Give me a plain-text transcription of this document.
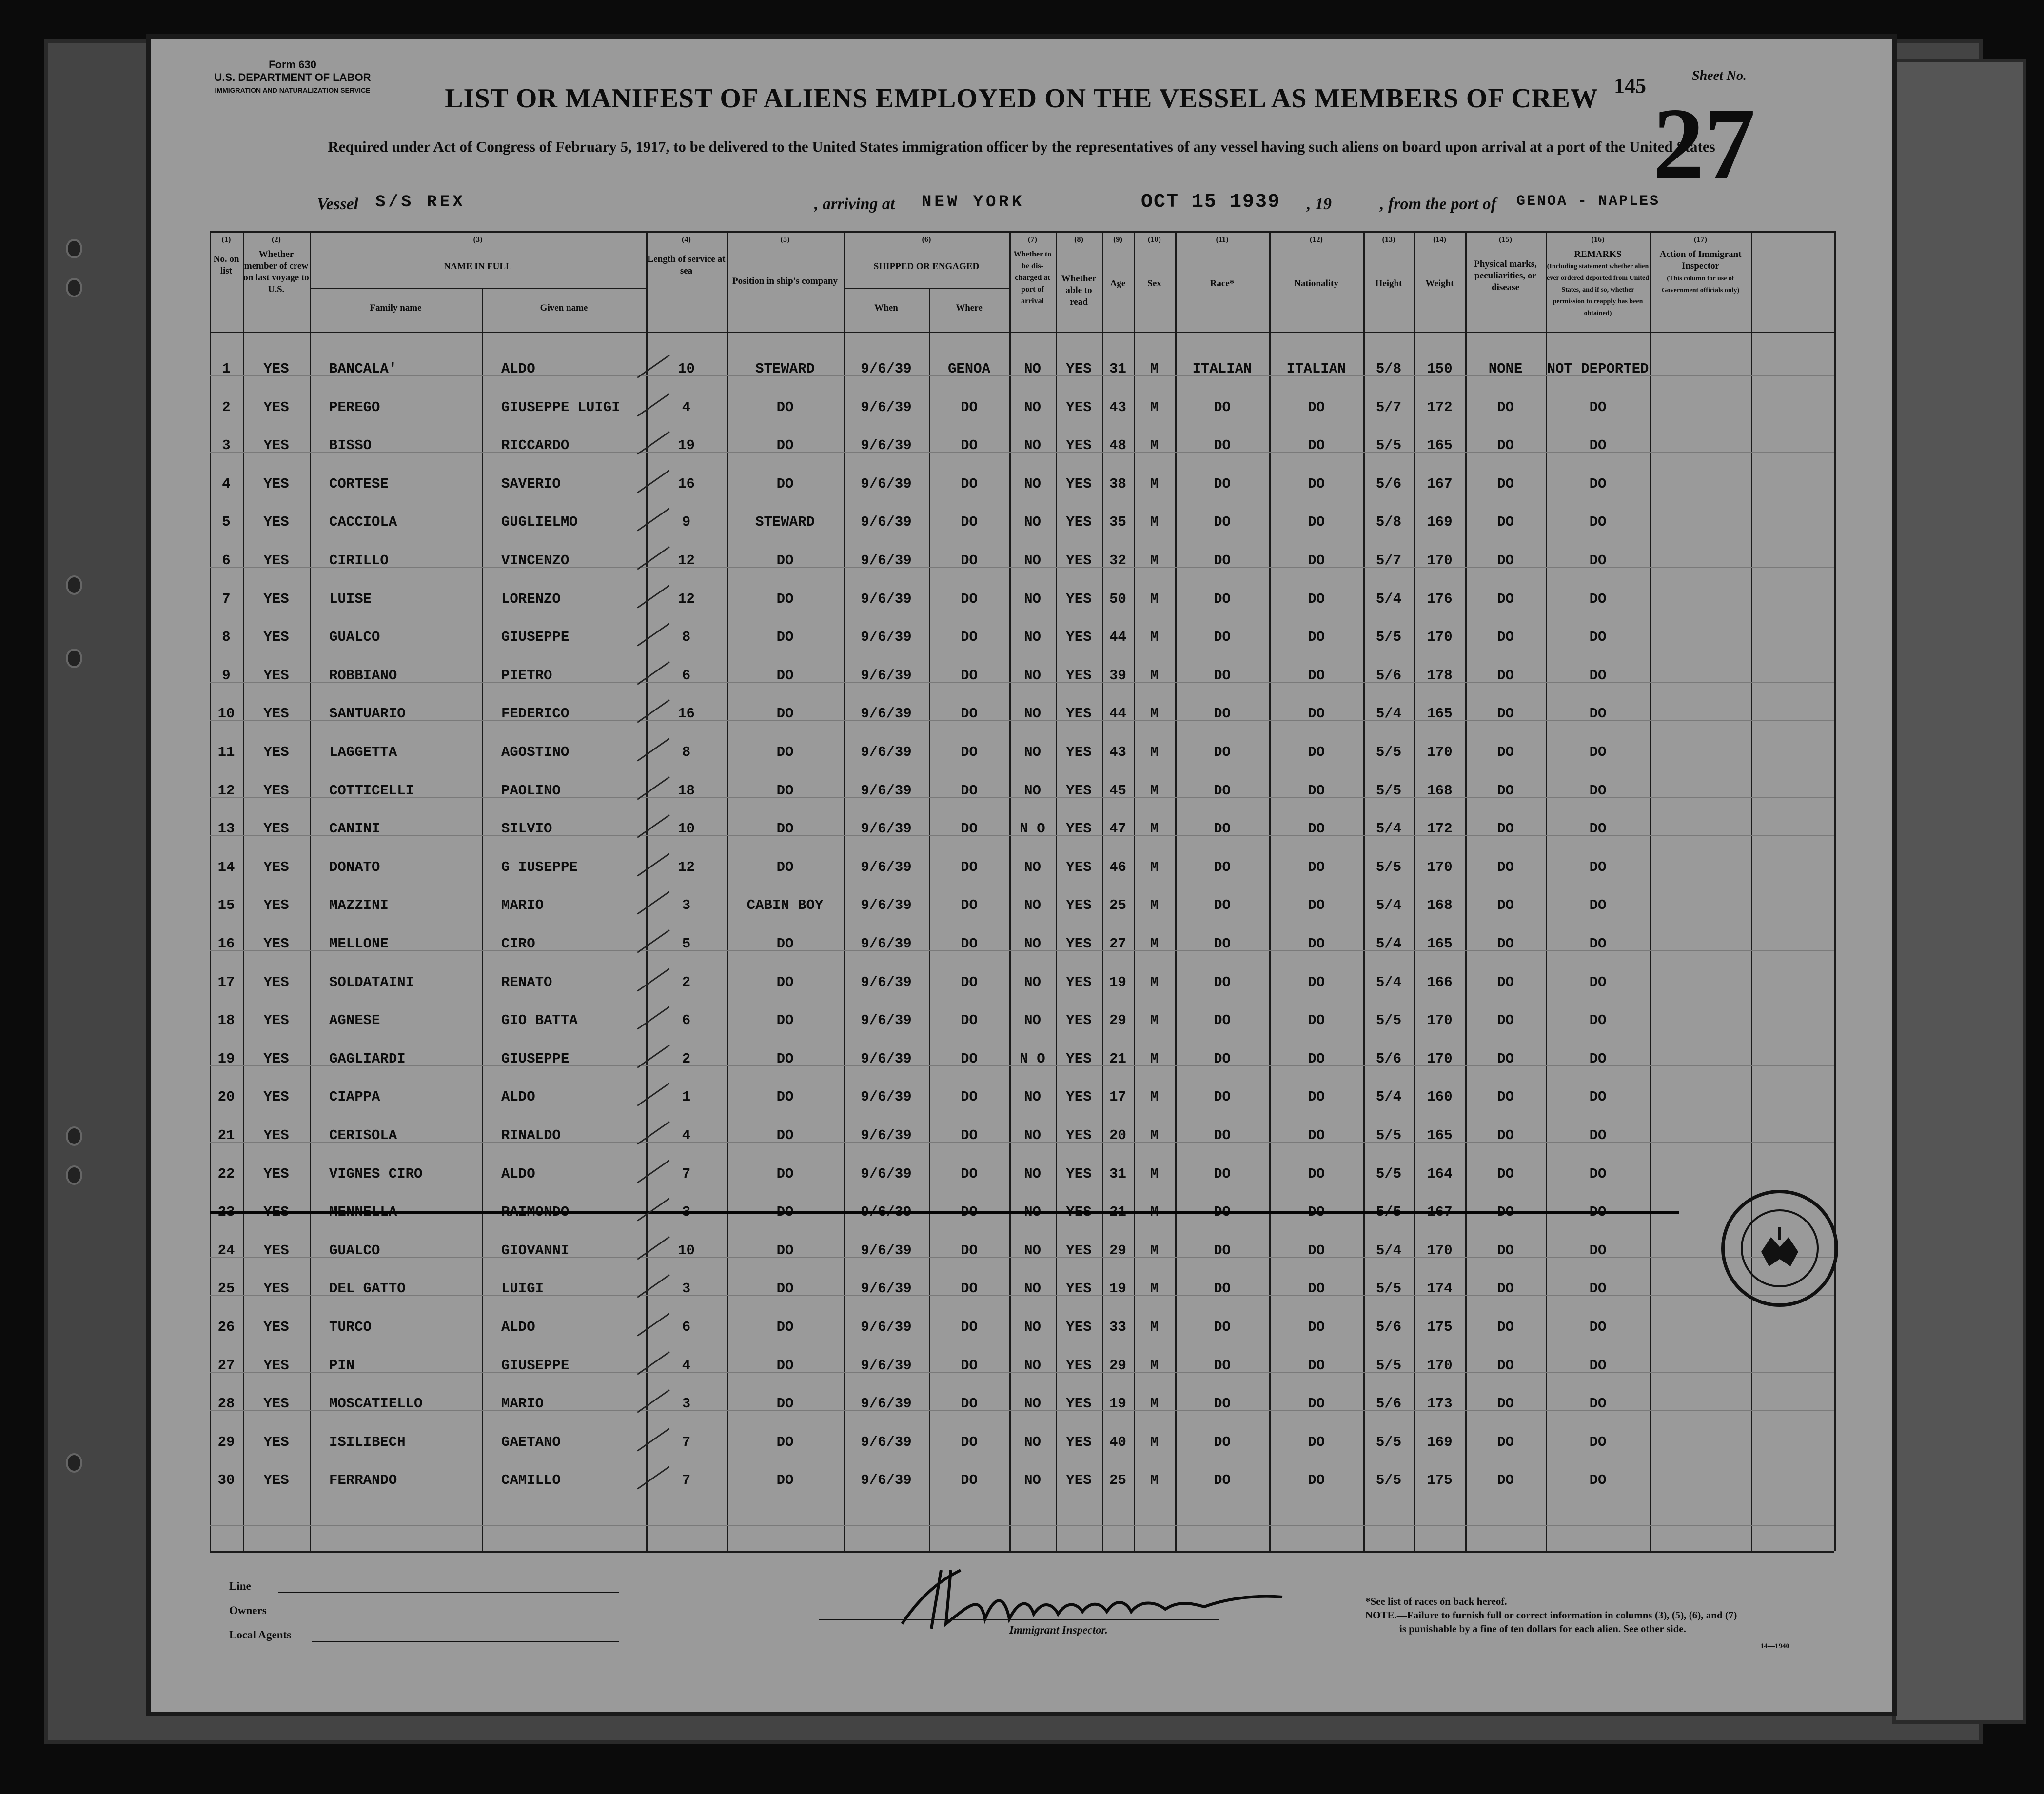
Form 630
U.S. DEPARTMENT OF LABOR
IMMIGRATION AND NATURALIZATION SERVICE	LIST OR MANIFEST OF ALIENS EMPLOYED ON THE VESSEL AS MEMBERS OF CREW
Required under Act of Congress of February 5, 1917, to be delivered to the United States immigration officer by the representatives of any vessel having such aliens on board upon arrival at a port of the United States
145	Sheet No.
27
Vessel S/S REX	, arriving at NEW YORK	OCT 15 1939 , 19	, from the port of GENOA - NAPLES
(1)	(2)	(3)	(4)	(5)	(6)	(7)	(8)	(9)	(10)	(11)	(12)	(13)	(14)	(15)	(16)	(17)
No. on list
Whether member of crew on last voyage to U.S.
NAME IN FULL
Family name	Given name
Length of service at sea
Position in ship's company
SHIPPED OR ENGAGED
When	Where
Whether to be dis-charged at port of arrival
Whether able to read
Age	Sex	Race*	Nationality	Height	Weight
Physical marks, peculiarities, or disease
REMARKS
(Including statement whether alien ever ordered deported from United States, and if so, whether permission to reapply has been obtained)
Action of Immigrant Inspector
(This column for use of Government officials only)
1	YES	BANCALA'	ALDO	10	STEWARD	9/6/39	GENOA	NO	YES	31	M	ITALIAN	ITALIAN	5/8	150	NONE	NOT DEPORTED
2	YES	PEREGO	GIUSEPPE LUIGI	4	DO	9/6/39	DO	NO	YES	43	M	DO	DO	5/7	172	DO	DO
3	YES	BISSO	RICCARDO	19	DO	9/6/39	DO	NO	YES	48	M	DO	DO	5/5	165	DO	DO
4	YES	CORTESE	SAVERIO	16	DO	9/6/39	DO	NO	YES	38	M	DO	DO	5/6	167	DO	DO
5	YES	CACCIOLA	GUGLIELMO	9	STEWARD	9/6/39	DO	NO	YES	35	M	DO	DO	5/8	169	DO	DO
6	YES	CIRILLO	VINCENZO	12	DO	9/6/39	DO	NO	YES	32	M	DO	DO	5/7	170	DO	DO
7	YES	LUISE	LORENZO	12	DO	9/6/39	DO	NO	YES	50	M	DO	DO	5/4	176	DO	DO
8	YES	GUALCO	GIUSEPPE	8	DO	9/6/39	DO	NO	YES	44	M	DO	DO	5/5	170	DO	DO
9	YES	ROBBIANO	PIETRO	6	DO	9/6/39	DO	NO	YES	39	M	DO	DO	5/6	178	DO	DO
10	YES	SANTUARIO	FEDERICO	16	DO	9/6/39	DO	NO	YES	44	M	DO	DO	5/4	165	DO	DO
11	YES	LAGGETTA	AGOSTINO	8	DO	9/6/39	DO	NO	YES	43	M	DO	DO	5/5	170	DO	DO
12	YES	COTTICELLI	PAOLINO	18	DO	9/6/39	DO	NO	YES	45	M	DO	DO	5/5	168	DO	DO
13	YES	CANINI	SILVIO	10	DO	9/6/39	DO	N O	YES	47	M	DO	DO	5/4	172	DO	DO
14	YES	DONATO	G IUSEPPE	12	DO	9/6/39	DO	NO	YES	46	M	DO	DO	5/5	170	DO	DO
15	YES	MAZZINI	MARIO	3	CABIN BOY	9/6/39	DO	NO	YES	25	M	DO	DO	5/4	168	DO	DO
16	YES	MELLONE	CIRO	5	DO	9/6/39	DO	NO	YES	27	M	DO	DO	5/4	165	DO	DO
17	YES	SOLDATAINI	RENATO	2	DO	9/6/39	DO	NO	YES	19	M	DO	DO	5/4	166	DO	DO
18	YES	AGNESE	GIO BATTA	6	DO	9/6/39	DO	NO	YES	29	M	DO	DO	5/5	170	DO	DO
19	YES	GAGLIARDI	GIUSEPPE	2	DO	9/6/39	DO	N O	YES	21	M	DO	DO	5/6	170	DO	DO
20	YES	CIAPPA	ALDO	1	DO	9/6/39	DO	NO	YES	17	M	DO	DO	5/4	160	DO	DO
21	YES	CERISOLA	RINALDO	4	DO	9/6/39	DO	NO	YES	20	M	DO	DO	5/5	165	DO	DO
22	YES	VIGNES CIRO	ALDO	7	DO	9/6/39	DO	NO	YES	31	M	DO	DO	5/5	164	DO	DO
24	YES	GUALCO	GIOVANNI	10	DO	9/6/39	DO	NO	YES	29	M	DO	DO	5/4	170	DO	DO
25	YES	DEL GATTO	LUIGI	3	DO	9/6/39	DO	NO	YES	19	M	DO	DO	5/5	174	DO	DO
26	YES	TURCO	ALDO	6	DO	9/6/39	DO	NO	YES	33	M	DO	DO	5/6	175	DO	DO
27	YES	PIN	GIUSEPPE	4	DO	9/6/39	DO	NO	YES	29	M	DO	DO	5/5	170	DO	DO
28	YES	MOSCATIELLO	MARIO	3	DO	9/6/39	DO	NO	YES	19	M	DO	DO	5/6	173	DO	DO
29	YES	ISILIBECH	GAETANO	7	DO	9/6/39	DO	NO	YES	40	M	DO	DO	5/5	169	DO	DO
30	YES	FERRANDO	CAMILLO	7	DO	9/6/39	DO	NO	YES	25	M	DO	DO	5/5	175	DO	DO
Line
Owners
Local Agents	Immigrant Inspector.
*See list of races on back hereof.
NOTE.—Failure to furnish full or correct information in columns (3), (5), (6), and (7)
is punishable by a fine of ten dollars for each alien. See other side.
14—1940
